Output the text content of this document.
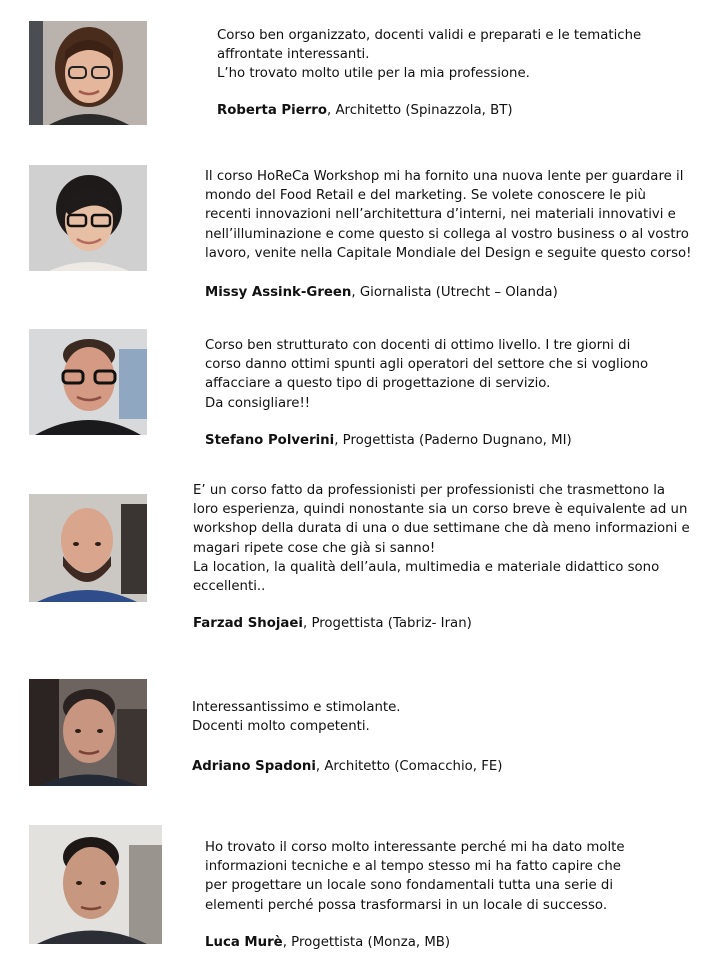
Corso ben organizzato, docenti validi e preparati e le tematiche

affrontate interessanti.

L’ho trovato molto utile per la mia professione.

Roberta Pierro, Architetto (Spinazzola, BT)

Il corso HoReCa Workshop mi ha fornito una nuova lente per guardare il

mondo del Food Retail e del marketing. Se volete conoscere le più

recenti innovazioni nell’architettura d’interni, nei materiali innovativi e

nell’illuminazione e come questo si collega al vostro business o al vostro

lavoro, venite nella Capitale Mondiale del Design e seguite questo corso!

Missy Assink-Green, Giornalista (Utrecht – Olanda)

Corso ben strutturato con docenti di ottimo livello. I tre giorni di

corso danno ottimi spunti agli operatori del settore che si vogliono

affacciare a questo tipo di progettazione di servizio.

Da consigliare!!

Stefano Polverini, Progettista (Paderno Dugnano, MI)

E’ un corso fatto da professionisti per professionisti che trasmettono la

loro esperienza, quindi nonostante sia un corso breve è equivalente ad un

workshop della durata di una o due settimane che dà meno informazioni e

magari ripete cose che già si sanno!

La location, la qualità dell’aula, multimedia e materiale didattico sono

eccellenti..

Farzad Shojaei, Progettista (Tabriz- Iran)

Interessantissimo e stimolante.

Docenti molto competenti.

Adriano Spadoni, Architetto (Comacchio, FE)

Ho trovato il corso molto interessante perché mi ha dato molte

informazioni tecniche e al tempo stesso mi ha fatto capire che

per progettare un locale sono fondamentali tutta una serie di

elementi perché possa trasformarsi in un locale di successo.

Luca Murè, Progettista (Monza, MB)
